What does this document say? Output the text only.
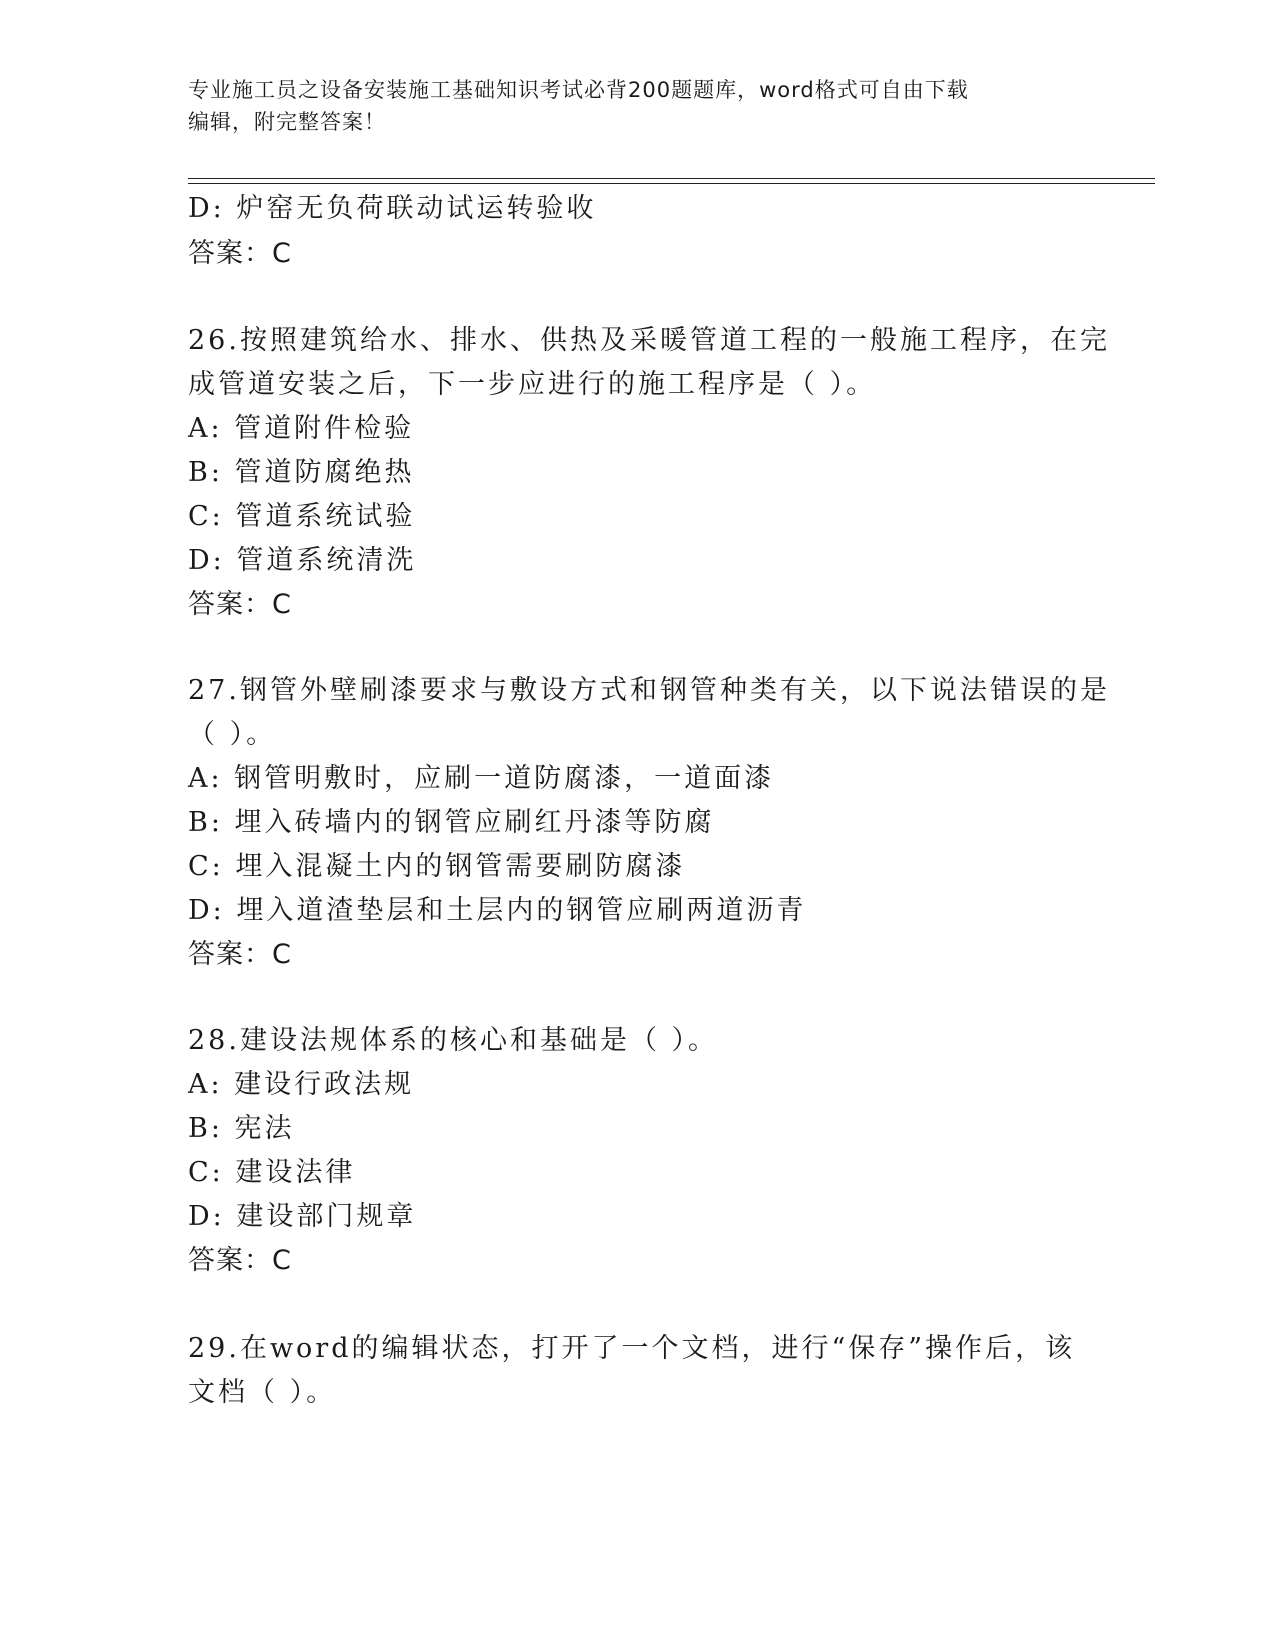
专业施工员之设备安装施工基础知识考试必背200题题库，word格式可自由下载
编辑，附完整答案！
D: 炉窑无负荷联动试运转验收
答案：C
26.按照建筑给水、排水、供热及采暖管道工程的一般施工程序，在完
成管道安装之后，下一步应进行的施工程序是（ ）。
A: 管道附件检验
B: 管道防腐绝热
C: 管道系统试验
D: 管道系统清洗
答案：C
27.钢管外壁刷漆要求与敷设方式和钢管种类有关，以下说法错误的是
（ ）。
A: 钢管明敷时，应刷一道防腐漆，一道面漆
B: 埋入砖墙内的钢管应刷红丹漆等防腐
C: 埋入混凝土内的钢管需要刷防腐漆
D: 埋入道渣垫层和土层内的钢管应刷两道沥青
答案：C
28.建设法规体系的核心和基础是（ ）。
A: 建设行政法规
B: 宪法
C: 建设法律
D: 建设部门规章
答案：C
29.在word的编辑状态，打开了一个文档，进行“保存”操作后，该
文档（ ）。
